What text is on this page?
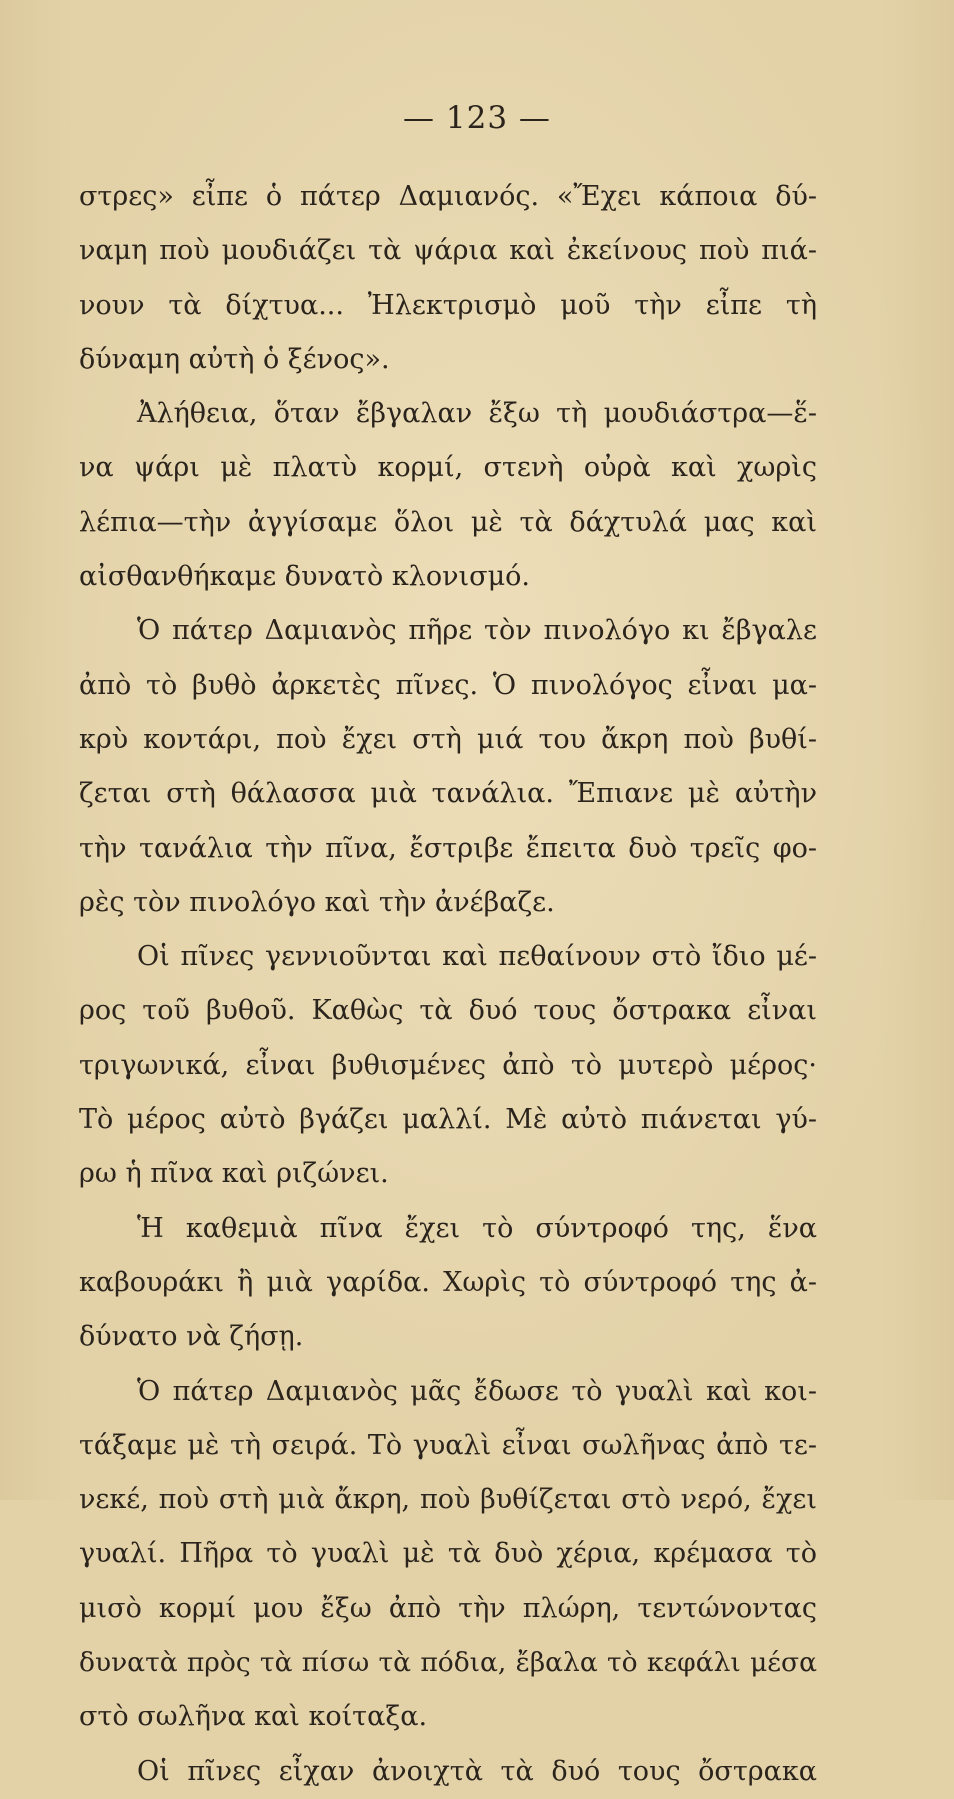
— 123 —
στρες» εἶπε ὁ πάτερ Δαμιανός. «Ἔχει κάποια δύ-
ναμη ποὺ μουδιάζει τὰ ψάρια καὶ ἐκείνους ποὺ πιά-
νουν τὰ δίχτυα... Ἠλεκτρισμὸ μοῦ τὴν εἶπε τὴ
δύναμη αὐτὴ ὁ ξένος».
Ἀλήθεια, ὅταν ἔβγαλαν ἔξω τὴ μουδιάστρα—ἕ-
να ψάρι μὲ πλατὺ κορμί, στενὴ οὐρὰ καὶ χωρὶς
λέπια—τὴν ἀγγίσαμε ὅλοι μὲ τὰ δάχτυλά μας καὶ
αἰσθανθήκαμε δυνατὸ κλονισμό.
Ὁ πάτερ Δαμιανὸς πῆρε τὸν πινολόγο κι ἔβγαλε
ἀπὸ τὸ βυθὸ ἀρκετὲς πῖνες. Ὁ πινολόγος εἶναι μα-
κρὺ κοντάρι, ποὺ ἔχει στὴ μιά του ἄκρη ποὺ βυθί-
ζεται στὴ θάλασσα μιὰ τανάλια. Ἔπιανε μὲ αὐτὴν
τὴν τανάλια τὴν πῖνα, ἔστριβε ἔπειτα δυὸ τρεῖς φο-
ρὲς τὸν πινολόγο καὶ τὴν ἀνέβαζε.
Οἱ πῖνες γεννιοῦνται καὶ πεθαίνουν στὸ ἴδιο μέ-
ρος τοῦ βυθοῦ. Καθὼς τὰ δυό τους ὄστρακα εἶναι
τριγωνικά, εἶναι βυθισμένες ἀπὸ τὸ μυτερὸ μέρος·
Τὸ μέρος αὐτὸ βγάζει μαλλί. Μὲ αὐτὸ πιάνεται γύ-
ρω ἡ πῖνα καὶ ριζώνει.
Ἡ καθεμιὰ πῖνα ἔχει τὸ σύντροφό της, ἕνα
καβουράκι ἢ μιὰ γαρίδα. Χωρὶς τὸ σύντροφό της ἀ-
δύνατο νὰ ζήσῃ.
Ὁ πάτερ Δαμιανὸς μᾶς ἔδωσε τὸ γυαλὶ καὶ κοι-
τάξαμε μὲ τὴ σειρά. Τὸ γυαλὶ εἶναι σωλῆνας ἀπὸ τε-
νεκέ, ποὺ στὴ μιὰ ἄκρη, ποὺ βυθίζεται στὸ νερό, ἔχει
γυαλί. Πῆρα τὸ γυαλὶ μὲ τὰ δυὸ χέρια, κρέμασα τὸ
μισὸ κορμί μου ἔξω ἀπὸ τὴν πλώρη, τεντώνοντας
δυνατὰ πρὸς τὰ πίσω τὰ πόδια, ἔβαλα τὸ κεφάλι μέσα
στὸ σωλῆνα καὶ κοίταξα.
Οἱ πῖνες εἶχαν ἀνοιχτὰ τὰ δυό τους ὄστρακα
